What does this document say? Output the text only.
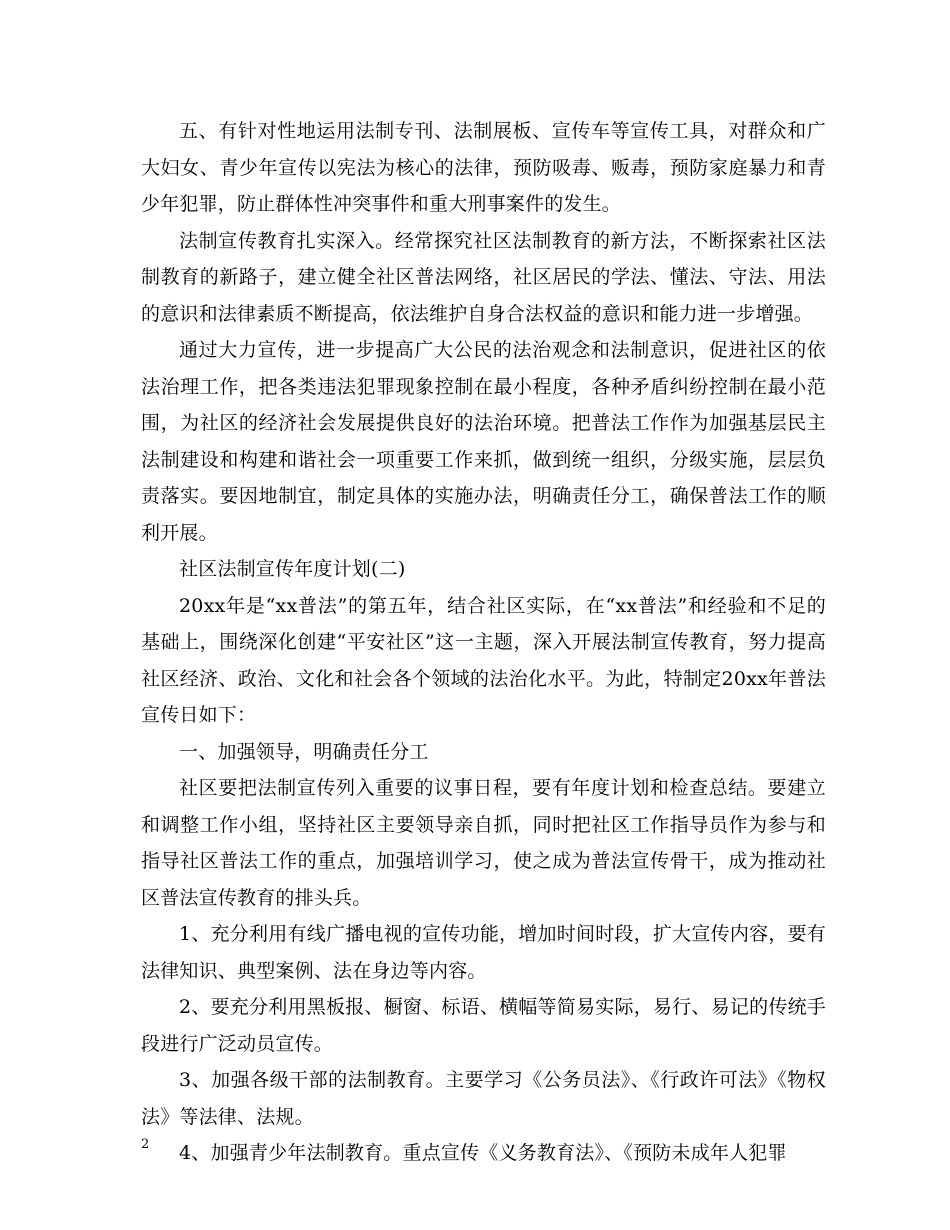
五、有针对性地运用法制专刊、法制展板、宣传车等宣传工具，对群众和广大妇女、青少年宣传以宪法为核心的法律，预防吸毒、贩毒，预防家庭暴力和青少年犯罪，防止群体性冲突事件和重大刑事案件的发生。

法制宣传教育扎实深入。经常探究社区法制教育的新方法，不断探索社区法制教育的新路子，建立健全社区普法网络，社区居民的学法、懂法、守法、用法的意识和法律素质不断提高，依法维护自身合法权益的意识和能力进一步增强。

通过大力宣传，进一步提高广大公民的法治观念和法制意识，促进社区的依法治理工作，把各类违法犯罪现象控制在最小程度，各种矛盾纠纷控制在最小范围，为社区的经济社会发展提供良好的法治环境。把普法工作作为加强基层民主法制建设和构建和谐社会一项重要工作来抓，做到统一组织，分级实施，层层负责落实。要因地制宜，制定具体的实施办法，明确责任分工，确保普法工作的顺利开展。

社区法制宣传年度计划(二)

20xx年是“xx普法”的第五年，结合社区实际，在“xx普法”和经验和不足的基础上，围绕深化创建“平安社区”这一主题，深入开展法制宣传教育，努力提高社区经济、政治、文化和社会各个领域的法治化水平。为此，特制定20xx年普法宣传日如下：

一、加强领导，明确责任分工

社区要把法制宣传列入重要的议事日程，要有年度计划和检查总结。要建立和调整工作小组，坚持社区主要领导亲自抓，同时把社区工作指导员作为参与和指导社区普法工作的重点，加强培训学习，使之成为普法宣传骨干，成为推动社区普法宣传教育的排头兵。

1、充分利用有线广播电视的宣传功能，增加时间时段，扩大宣传内容，要有法律知识、典型案例、法在身边等内容。

2、要充分利用黑板报、橱窗、标语、横幅等简易实际，易行、易记的传统手段进行广泛动员宣传。

3、加强各级干部的法制教育。主要学习《公务员法》、《行政许可法》《物权法》等法律、法规。

4、加强青少年法制教育。重点宣传《义务教育法》、《预防未成年人犯罪

2
